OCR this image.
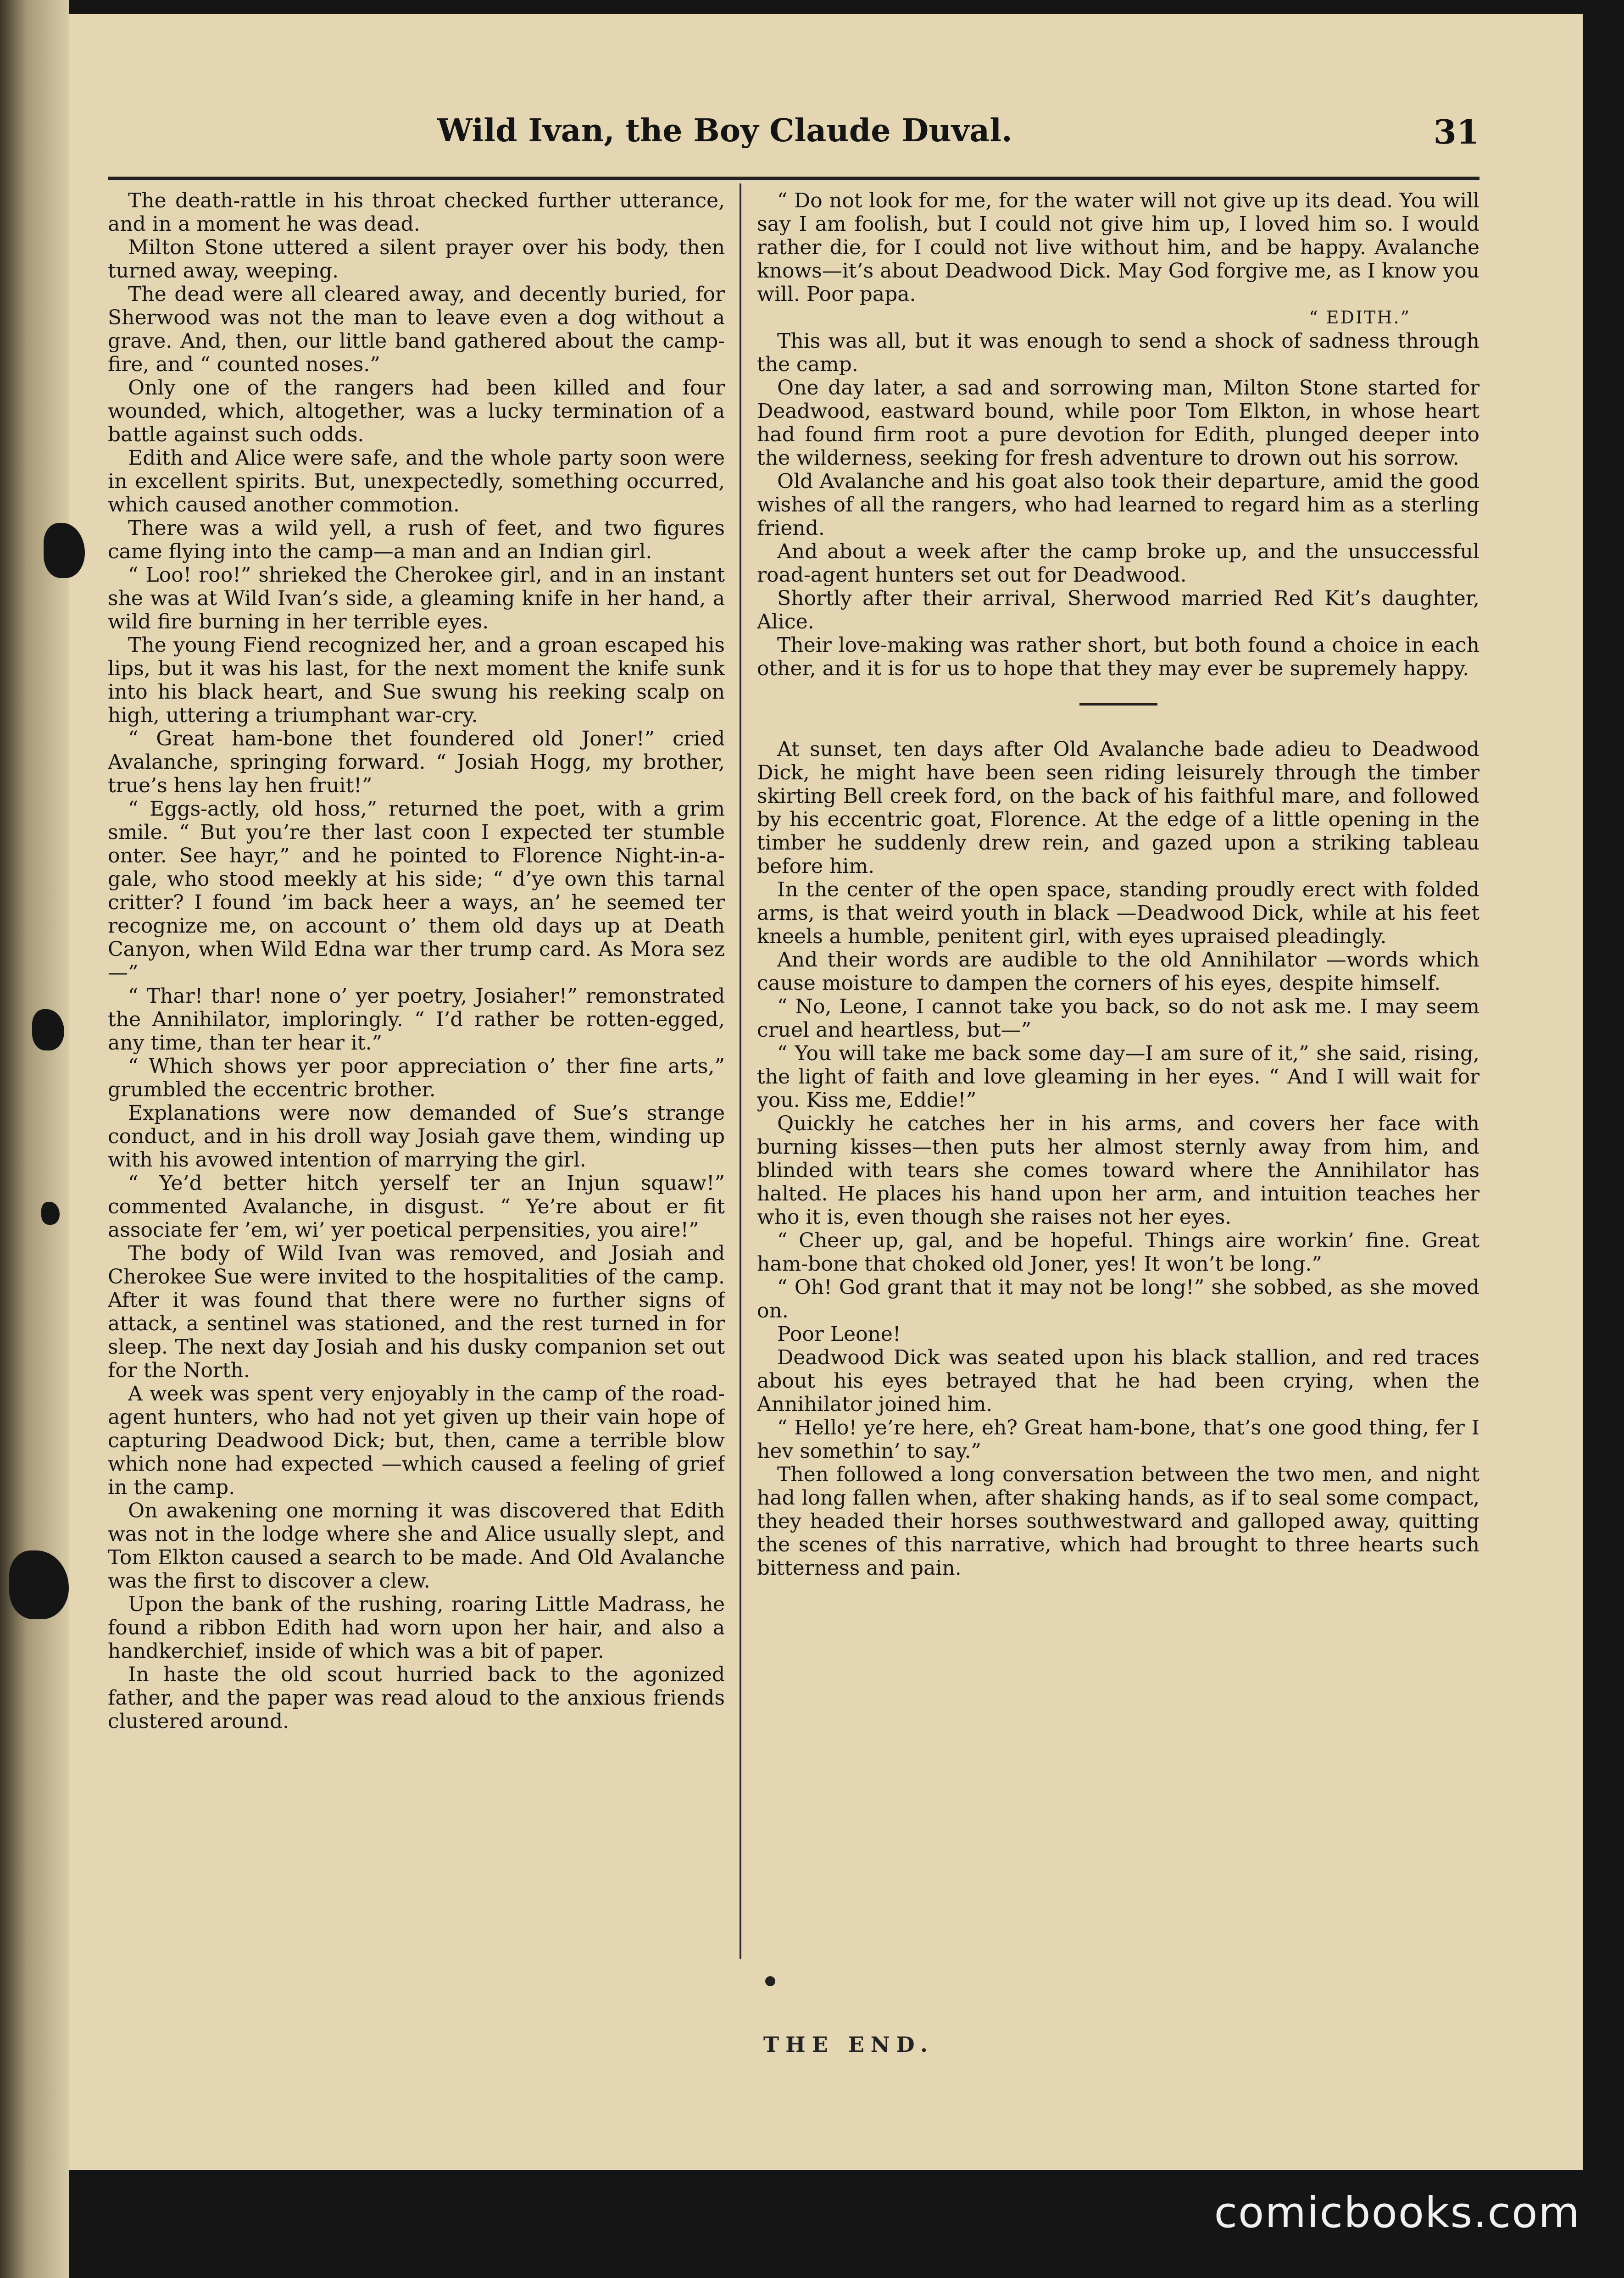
Wild Ivan, the Boy Claude Duval.	31

The death-rattle in his throat checked further utterance, and in a moment he was dead.

Milton Stone uttered a silent prayer over his body, then turned away, weeping.

The dead were all cleared away, and decently buried, for Sherwood was not the man to leave even a dog without a grave. And, then, our little band gathered about the camp-fire, and “ counted noses.”

Only one of the rangers had been killed and four wounded, which, altogether, was a lucky termination of a battle against such odds.

Edith and Alice were safe, and the whole party soon were in excellent spirits. But, unexpectedly, something occurred, which caused another commotion.

There was a wild yell, a rush of feet, and two figures came flying into the camp—a man and an Indian girl.

“ Loo! roo!” shrieked the Cherokee girl, and in an instant she was at Wild Ivan’s side, a gleaming knife in her hand, a wild fire burning in her terrible eyes.

The young Fiend recognized her, and a groan escaped his lips, but it was his last, for the next moment the knife sunk into his black heart, and Sue swung his reeking scalp on high, uttering a triumphant war-cry.

“ Great ham-bone thet foundered old Joner!” cried Avalanche, springing forward. “ Josiah Hogg, my brother, true’s hens lay hen fruit!”

“ Eggs-actly, old hoss,” returned the poet, with a grim smile. “ But you’re ther last coon I expected ter stumble onter. See hayr,” and he pointed to Florence Night-in-a-gale, who stood meekly at his side; “ d’ye own this tarnal critter? I found ’im back heer a ways, an’ he seemed ter recognize me, on account o’ them old days up at Death Canyon, when Wild Edna war ther trump card. As Mora sez—”

“ Thar! thar! none o’ yer poetry, Josiaher!” remonstrated the Annihilator, imploringly. “ I’d rather be rotten-egged, any time, than ter hear it.”

“ Which shows yer poor appreciation o’ ther fine arts,” grumbled the eccentric brother.

Explanations were now demanded of Sue’s strange conduct, and in his droll way Josiah gave them, winding up with his avowed intention of marrying the girl.

“ Ye’d better hitch yerself ter an Injun squaw!” commented Avalanche, in disgust. “ Ye’re about er fit associate fer ’em, wi’ yer poetical perpensities, you aire!”

The body of Wild Ivan was removed, and Josiah and Cherokee Sue were invited to the hospitalities of the camp. After it was found that there were no further signs of attack, a sentinel was stationed, and the rest turned in for sleep. The next day Josiah and his dusky companion set out for the North.

A week was spent very enjoyably in the camp of the road-agent hunters, who had not yet given up their vain hope of capturing Deadwood Dick; but, then, came a terrible blow which none had expected —which caused a feeling of grief in the camp.

On awakening one morning it was discovered that Edith was not in the lodge where she and Alice usually slept, and Tom Elkton caused a search to be made. And Old Avalanche was the first to discover a clew.

Upon the bank of the rushing, roaring Little Madrass, he found a ribbon Edith had worn upon her hair, and also a handkerchief, inside of which was a bit of paper.

In haste the old scout hurried back to the agonized father, and the paper was read aloud to the anxious friends clustered around.

“ Do not look for me, for the water will not give up its dead. You will say I am foolish, but I could not give him up, I loved him so. I would rather die, for I could not live without him, and be happy. Avalanche knows—it’s about Deadwood Dick. May God forgive me, as I know you will. Poor papa.

“ EDITH.”

This was all, but it was enough to send a shock of sadness through the camp.

One day later, a sad and sorrowing man, Milton Stone started for Deadwood, eastward bound, while poor Tom Elkton, in whose heart had found firm root a pure devotion for Edith, plunged deeper into the wilderness, seeking for fresh adventure to drown out his sorrow.

Old Avalanche and his goat also took their departure, amid the good wishes of all the rangers, who had learned to regard him as a sterling friend.

And about a week after the camp broke up, and the unsuccessful road-agent hunters set out for Deadwood.

Shortly after their arrival, Sherwood married Red Kit’s daughter, Alice.

Their love-making was rather short, but both found a choice in each other, and it is for us to hope that they may ever be supremely happy.

At sunset, ten days after Old Avalanche bade adieu to Deadwood Dick, he might have been seen riding leisurely through the timber skirting Bell creek ford, on the back of his faithful mare, and followed by his eccentric goat, Florence. At the edge of a little opening in the timber he suddenly drew rein, and gazed upon a striking tableau before him.

In the center of the open space, standing proudly erect with folded arms, is that weird youth in black —Deadwood Dick, while at his feet kneels a humble, penitent girl, with eyes upraised pleadingly.

And their words are audible to the old Annihilator —words which cause moisture to dampen the corners of his eyes, despite himself.

“ No, Leone, I cannot take you back, so do not ask me. I may seem cruel and heartless, but—”

“ You will take me back some day—I am sure of it,” she said, rising, the light of faith and love gleaming in her eyes. “ And I will wait for you. Kiss me, Eddie!”

Quickly he catches her in his arms, and covers her face with burning kisses—then puts her almost sternly away from him, and blinded with tears she comes toward where the Annihilator has halted. He places his hand upon her arm, and intuition teaches her who it is, even though she raises not her eyes.

“ Cheer up, gal, and be hopeful. Things aire workin’ fine. Great ham-bone that choked old Joner, yes! It won’t be long.”

“ Oh! God grant that it may not be long!” she sobbed, as she moved on.

Poor Leone!

Deadwood Dick was seated upon his black stallion, and red traces about his eyes betrayed that he had been crying, when the Annihilator joined him.

“ Hello! ye’re here, eh? Great ham-bone, that’s one good thing, fer I hev somethin’ to say.”

Then followed a long conversation between the two men, and night had long fallen when, after shaking hands, as if to seal some compact, they headed their horses southwestward and galloped away, quitting the scenes of this narrative, which had brought to three hearts such bitterness and pain.

THE END.
comicbooks.com
